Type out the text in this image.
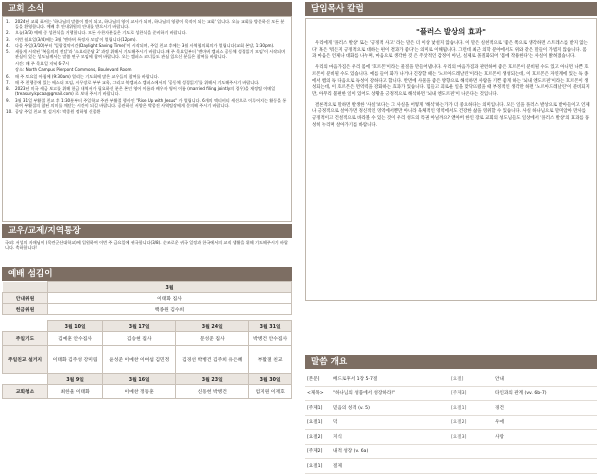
교회 소식
1.	2024년 교회 표어는 '하나님의 말씀이 별이 되고, 하나님의 영이 교사가 되며, 하나님의 영광이 목적이 되는 교회' 입니다. 오늘 교회를 방문하신 모든 분들을 환영합니다. 예배 후 안내위원의 안내를 받으시기 바랍니다.
2.	오늘(3/3) 예배 중 성찬식을 거행합니다. 모든 수찬자분들은 기도로 성찬식을 준비하기 바랍니다.
3.	이번 월요일(3/4)에는 3월 '엔마버 특정자 모임'이 열립니다(12pm).
4.	다음 주일(3/10)부터 '일광절약시간(Daylight Saving Time)'이 시작되며, 주일 친교 후에는 3월 사역협의회의가 열립니다(교회 본당, 1:30pm).
5.	새롭게 시작된 '복음의의 전달'과 '소요리문답 2' 과정 위해서 기도해주시기 바랍니다.매 주 목요일부터 '엔마버 캠퍼스 공동체 성경읽기 모임'이 시작되며 관심이 있는 성도님께서는 말씀 연구 모임에 참여 바랍니다. 오는 캠퍼스 코너들도 관심 있으신 분들은 참여를 바랍니다.
시간: 매 주 목요일 저녁 6-7시
장소: North Campus Pierpont Commons, Boulevard Room
6.	매 주 토요일 아침에 (9:30am) 열리는 기도회에 많은 교우들의 참여를 바랍니다.
7.	매 주 친행중에 있는 에스더 모임, 시무장로 부부 교육, 그리고 북캠퍼스 캠퍼스에서의 '공동체 성경읽기'를 위해서 기도해주시기 바랍니다.
8.	2023년 미국 세금 보고를 위해 헌금 내역서가 필요하신 분은 본인 영어 이름과 배우자 영어 이름 (married filing jointly의 경우)을 재정팀 이메일 (treasury.kpcaa@gmail.com) 로 보내 주시기 바랍니다.
9.	3월 31일 부활절 친교 후 1:30분부터 주일학교 주관 부활절 행사인 "Rise Up with Jesus" 가 열립니다. 6개의 액티비티 세션으로 이루어지는 활동을 통하여 부활절의 참된 의미를 깨닫는 시간이 되길 바랍니다. 공관하신 서양은 박종진 사역팀장에게 문의해 주시기 바랍니다.
10. 공당 주일 친교 및 설거지: 박종원 정하영 신종환
교우/교제/지역통장
국외: 서성의 자매님이 (목련군산대학교)에 입원하여 이번 주 금요일에 귀국합니다(3/8). 순조로운 귀국 일정과 한국에서의 교직 생활을 위해 기도해주시기 바랍니다. 축하합니다!
예배 섬김이
	3월			
안내위원	이태화 집사			
헌금위원	백종원 김수희			

	3월 10일	3월 17일	3월 24일	3월 31일
주일기도	김예훈 안수집사	김승현 집사	문성준 집사	박병건 안수집사
주일친교 설거지	이태화 김주성 강미림	윤성준 이예찬 이여섭 김민정	김경선 박병건 김주희 유은혜	부활절 친교
	3월 9일	3월 16일	3월 23일	3월 30일
교회청소	최한울 이태화	이예찬 정동훈	신동헌 박병건	엄지원 이재호
담임목사 칼럼
"플러스 발상의 효과"

우리에게 '플러스 발상' 또는 '긍정적 사고' 라는 말은 더 이상 낯설지 않습니다. 이 말은 실천적으로 '좋은 쪽으로 생각하면 스트레스를 받지 않는다' 혹은 '뭐든지 긍정적으로 대하는 편이 결과가 좋다'는 의미로 이해됩니다. 그런데 최근 의학 분야에서도 위와 같은 말들이 가볍지 않습니다. 몸과 마음은 언제나 대화를 나누며, 마음으로 생각한 것 은 주삿적인 감정이 아닌, 실제로 몰질화되어 '몸에 작용한다'는 사실이 밝혀졌습니다.

우리의 마음가짐은 우리 몸에 '호르몬'이라는 물질을 만들어냅니다. 우리의 마음가짐과 관련하여 좋은 호르몬이 분비될 수도 있고 아니면 나쁜 호르몬이 분비될 수도 있습니다. 예를 들어 화가 나거나 긴장할 때는 '노르아드레날린'이라는 호르몬이 생성되는데, 이 호르몬은 자연계에 있는 독 종에서 뱀의 독 다음으로 독성이 강하다고 합니다. 반면에 사물을 좋은 방향으로 해석하면 사람을 기쁜 좋게 하는 '뇌내 엔도르핀'이라는 호르몬이 생성되는데, 이 호르몬은 면역력을 강화하는 효과가 있습니다. 힘들고 괴로운 일을 맞닥뜨렸을 때 부정적인 생각만 하면 '노르아드레날린'이 분비되지만, 아무리 불편한 일이 있어도 상황을 긍정적으로 해석하면 '뇌내 엔도르핀'이 나온다는 것입니다.

결론적으로 말하면 발생한 '사실'보다는 그 사실을 어떻게 '해석'하는가가 더 중요하다는 의미입니다. 모든 일을 플러스 발상으로 받아들이고 언제나 긍정적으로 살아가면 정신적인 영역에서뿐만 아니라 육체적인 영역에서도 건강한 삶을 영위할 수 있습니다. 사실 하나님으로 말미암아 만사를 긍정적이고 건설적으로 바라볼 수 있는 것이 우리 성도의 특권 아닐까요? 앤아버 한인 장로 교회의 성도님들도 일상에서 '플러스 발상'의 효과를 풍성히 누리며 살아가기를 바랍니다.

말씀 개요
[본문]	베드로후서 1장 5-7절	[요절]	안내
<제목>	"하나님의 성품에서 성장하라!"	[주제3]	타인과의 관계 (vv. 6b-7)
[주제1]	믿음의 성격 (v. 5)	[요절1]	경건
[요절1]	덕	[요절2]	우애
[요절2]	지식	[요절3]	사랑
[주제2]	내적 성장 (v. 6a)
[요절1]	절제
